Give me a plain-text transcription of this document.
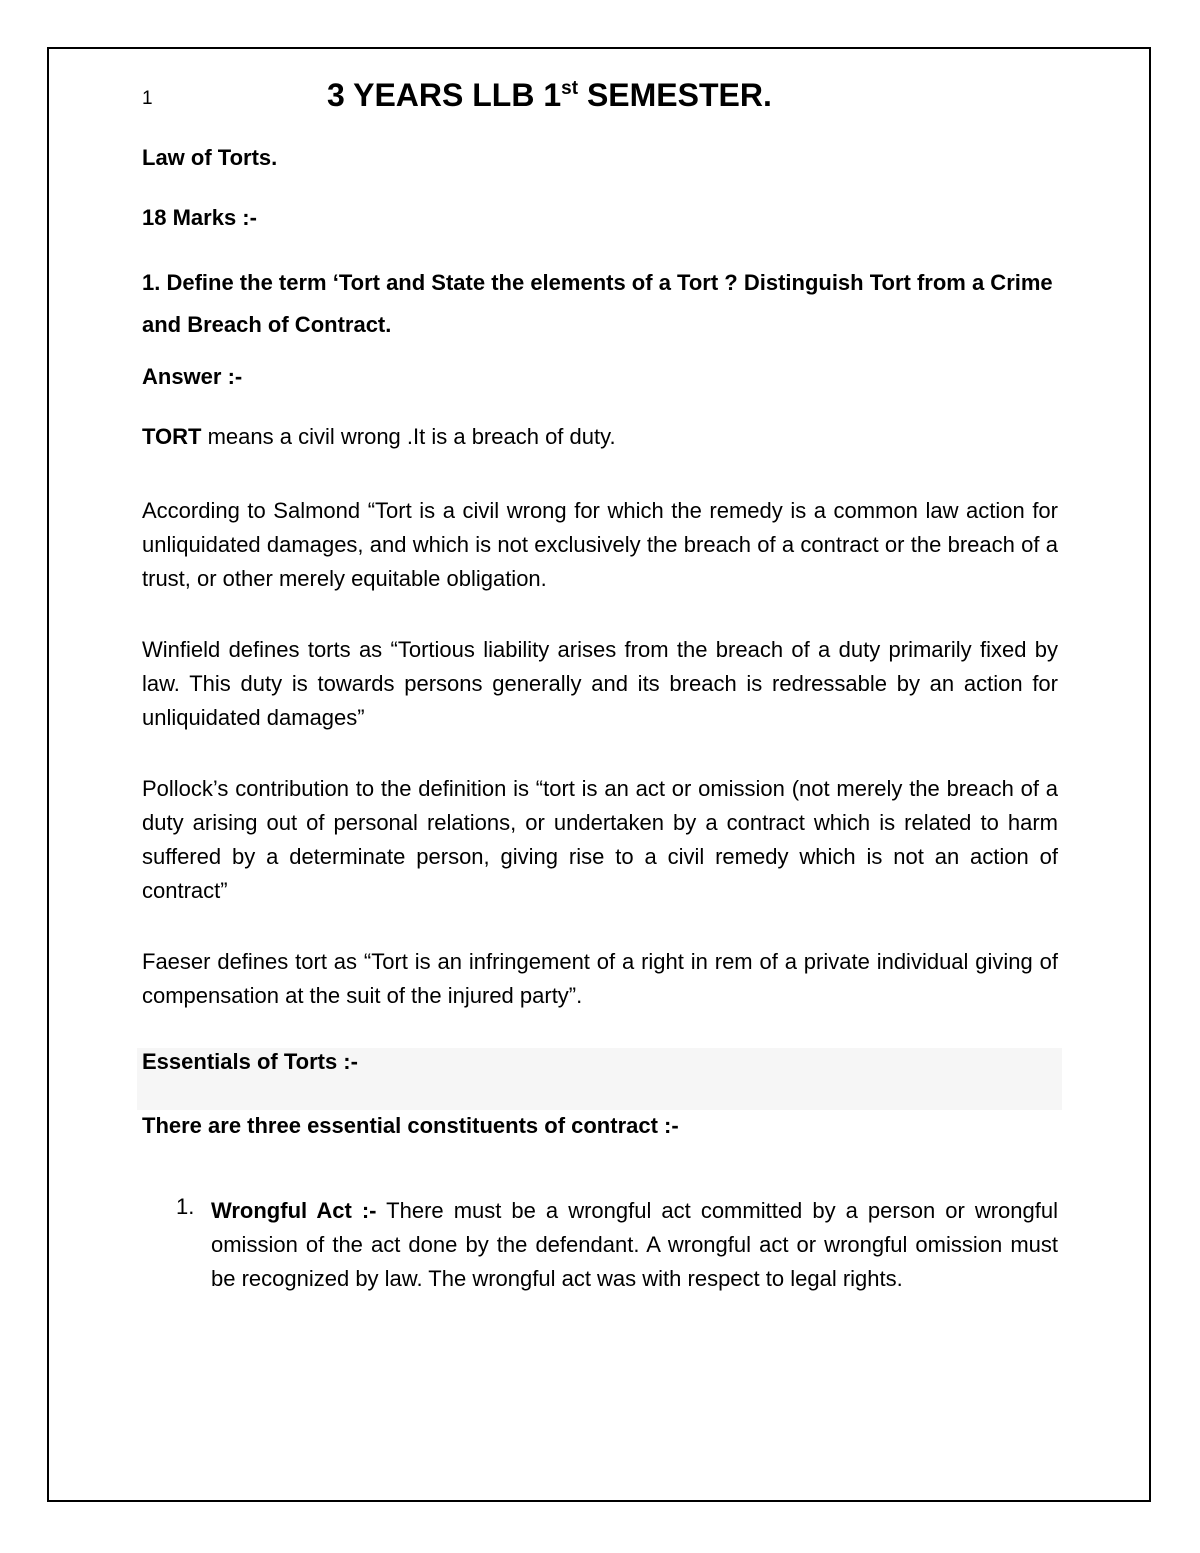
1	3 YEARS LLB 1st SEMESTER.
Law of Torts.
18 Marks :-
1. Define the term ‘Tort and State the elements of a Tort ? Distinguish Tort from a Crime and Breach of Contract.
Answer :-
TORT means a civil wrong .It is a breach of duty.
According to Salmond “Tort is a civil wrong for which the remedy is a common law action for unliquidated damages, and which is not exclusively the breach of a contract or the breach of a trust, or other merely equitable obligation.
Winfield defines torts as “Tortious liability arises from the breach of a duty primarily fixed by law. This duty is towards persons generally and its breach is redressable by an action for unliquidated damages”
Pollock’s contribution to the definition is “tort is an act or omission (not merely the breach of a duty arising out of personal relations, or undertaken by a contract which is related to harm suffered by a determinate person, giving rise to a civil remedy which is not an action of contract”
Faeser defines tort as “Tort is an infringement of a right in rem of a private individual giving of compensation at the suit of the injured party”.
Essentials of Torts :-
There are three essential constituents of contract :-
1. Wrongful Act :- There must be a wrongful act committed by a person or wrongful omission of the act done by the defendant. A wrongful act or wrongful omission must be recognized by law. The wrongful act was with respect to legal rights.
